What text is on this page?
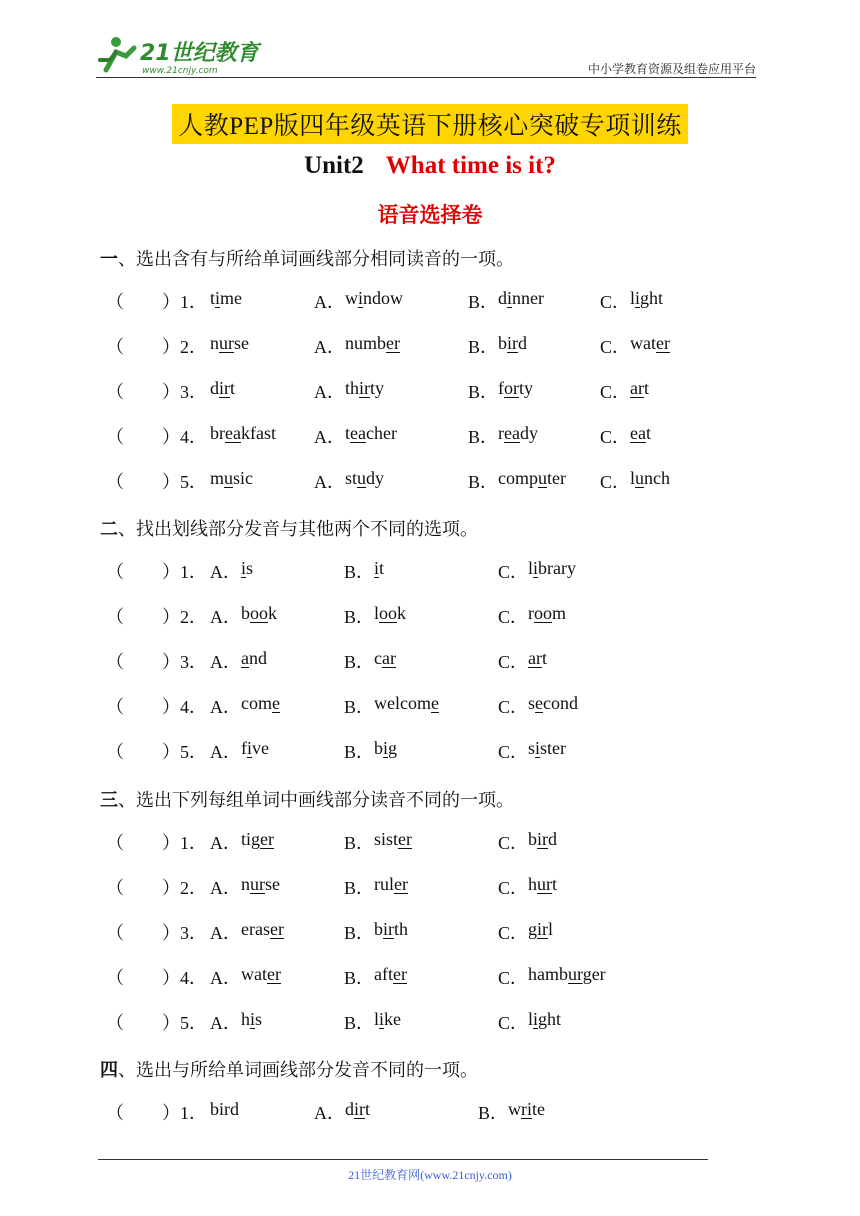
21世纪教育
www.21cnjy.com	中小学教育资源及组卷应用平台
人教PEP版四年级英语下册核心突破专项训练
Unit2 What time is it?
语音选择卷
一、选出含有与所给单词画线部分相同读音的一项。
（ ） 1． time	A． window	B． dinner	C． light
（ ） 2． nurse	A． number	B． bird	C． water
（ ） 3． dirt	A． thirty	B． forty	C． art
（ ） 4． breakfast A． teacher	B． ready	C． eat
（ ） 5． music	A． study	B． computer C． lunch
二、找出划线部分发音与其他两个不同的选项。
（ ） 1． A． is	B． it	C． library
（ ） 2． A． book	B． look	C． room
（ ） 3． A． and	B． car	C． art
（ ） 4． A． come	B． welcome	C． second
（ ） 5． A． five	B． big	C． sister
三、选出下列每组单词中画线部分读音不同的一项。
（ ） 1． A． tiger	B． sister	C． bird
（ ） 2． A． nurse	B． ruler	C． hurt
（ ） 3． A． eraser	B． birth	C． girl
（ ） 4． A． water	B． after	C． hamburger
（ ） 5． A． his	B． like	C． light
四、选出与所给单词画线部分发音不同的一项。
（ ） 1． bird	A． dirt	B． write
21世纪教育网(www.21cnjy.com)
